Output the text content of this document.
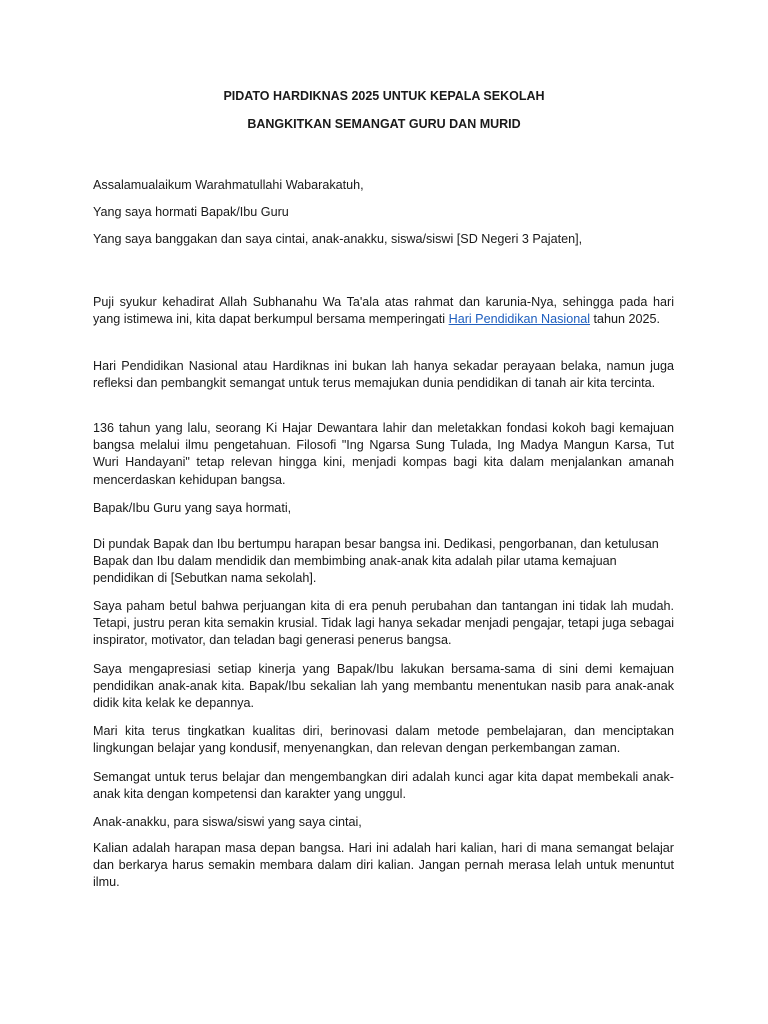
PIDATO HARDIKNAS 2025 UNTUK KEPALA SEKOLAH
BANGKITKAN SEMANGAT GURU DAN MURID

Assalamualaikum Warahmatullahi Wabarakatuh,

Yang saya hormati Bapak/Ibu Guru

Yang saya banggakan dan saya cintai, anak-anakku, siswa/siswi [SD Negeri 3 Pajaten],

Puji syukur kehadirat Allah Subhanahu Wa Ta'ala atas rahmat dan karunia-Nya, sehingga pada hari yang istimewa ini, kita dapat berkumpul bersama memperingati Hari Pendidikan Nasional tahun 2025.

Hari Pendidikan Nasional atau Hardiknas ini bukan lah hanya sekadar perayaan belaka, namun juga refleksi dan pembangkit semangat untuk terus memajukan dunia pendidikan di tanah air kita tercinta.

136 tahun yang lalu, seorang Ki Hajar Dewantara lahir dan meletakkan fondasi kokoh bagi kemajuan bangsa melalui ilmu pengetahuan. Filosofi "Ing Ngarsa Sung Tulada, Ing Madya Mangun Karsa, Tut Wuri Handayani" tetap relevan hingga kini, menjadi kompas bagi kita dalam menjalankan amanah mencerdaskan kehidupan bangsa.

Bapak/Ibu Guru yang saya hormati,

Di pundak Bapak dan Ibu bertumpu harapan besar bangsa ini. Dedikasi, pengorbanan, dan ketulusan
Bapak dan Ibu dalam mendidik dan membimbing anak-anak kita adalah pilar utama kemajuan
pendidikan di [Sebutkan nama sekolah].

Saya paham betul bahwa perjuangan kita di era penuh perubahan dan tantangan ini tidak lah mudah. Tetapi, justru peran kita semakin krusial. Tidak lagi hanya sekadar menjadi pengajar, tetapi juga sebagai inspirator, motivator, dan teladan bagi generasi penerus bangsa.

Saya mengapresiasi setiap kinerja yang Bapak/Ibu lakukan bersama-sama di sini demi kemajuan pendidikan anak-anak kita. Bapak/Ibu sekalian lah yang membantu menentukan nasib para anak-anak didik kita kelak ke depannya.

Mari kita terus tingkatkan kualitas diri, berinovasi dalam metode pembelajaran, dan menciptakan lingkungan belajar yang kondusif, menyenangkan, dan relevan dengan perkembangan zaman.

Semangat untuk terus belajar dan mengembangkan diri adalah kunci agar kita dapat membekali anak-anak kita dengan kompetensi dan karakter yang unggul.

Anak-anakku, para siswa/siswi yang saya cintai,

Kalian adalah harapan masa depan bangsa. Hari ini adalah hari kalian, hari di mana semangat belajar dan berkarya harus semakin membara dalam diri kalian. Jangan pernah merasa lelah untuk menuntut ilmu.
